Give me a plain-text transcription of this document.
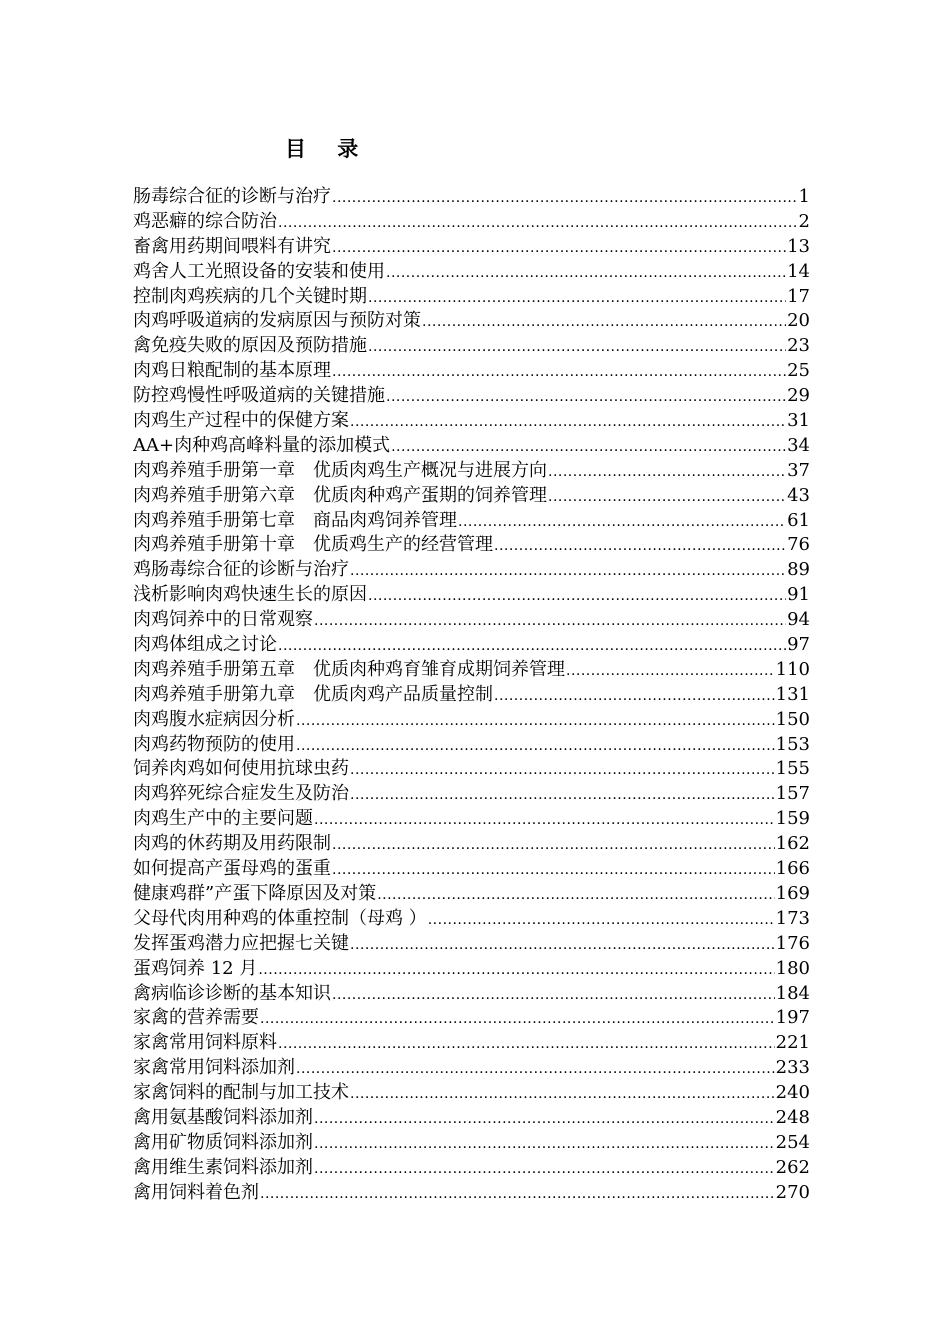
目 录
肠毒综合征的诊断与治疗 .....	1
鸡恶癖的综合防治 .....	2
畜禽用药期间喂料有讲究 .....	13
鸡舍人工光照设备的安装和使用 .....	14
控制肉鸡疾病的几个关键时期 .....	17
肉鸡呼吸道病的发病原因与预防对策 .....	20
禽免疫失败的原因及预防措施 .....	23
肉鸡日粮配制的基本原理 .....	25
防控鸡慢性呼吸道病的关键措施 .....	29
肉鸡生产过程中的保健方案 .....	31
AA+肉种鸡高峰料量的添加模式 .....	34
肉鸡养殖手册第一章　优质肉鸡生产概况与进展方向 .....	37
肉鸡养殖手册第六章　优质肉种鸡产蛋期的饲养管理 .....	43
肉鸡养殖手册第七章　商品肉鸡饲养管理 .....	61
肉鸡养殖手册第十章　优质鸡生产的经营管理 .....	76
鸡肠毒综合征的诊断与治疗 .....	89
浅析影响肉鸡快速生长的原因 .....	91
肉鸡饲养中的日常观察 .....	94
肉鸡体组成之讨论 .....	97
肉鸡养殖手册第五章　优质肉种鸡育雏育成期饲养管理 .....	110
肉鸡养殖手册第九章　优质肉鸡产品质量控制 .....	131
肉鸡腹水症病因分析 .....	150
肉鸡药物预防的使用 .....	153
饲养肉鸡如何使用抗球虫药 .....	155
肉鸡猝死综合症发生及防治 .....	157
肉鸡生产中的主要问题 .....	159
肉鸡的休药期及用药限制 .....	162
如何提高产蛋母鸡的蛋重 .....	166
健康鸡群”产蛋下降原因及对策 .....	169
父母代肉用种鸡的体重控制（母鸡 ） .....	173
发挥蛋鸡潜力应把握七关键 .....	176
蛋鸡饲养 12 月 .....	180
禽病临诊诊断的基本知识 .....	184
家禽的营养需要 .....	197
家禽常用饲料原料 .....	221
家禽常用饲料添加剂 .....	233
家禽饲料的配制与加工技术 .....	240
禽用氨基酸饲料添加剂 .....	248
禽用矿物质饲料添加剂 .....	254
禽用维生素饲料添加剂 .....	262
禽用饲料着色剂 .....	270
